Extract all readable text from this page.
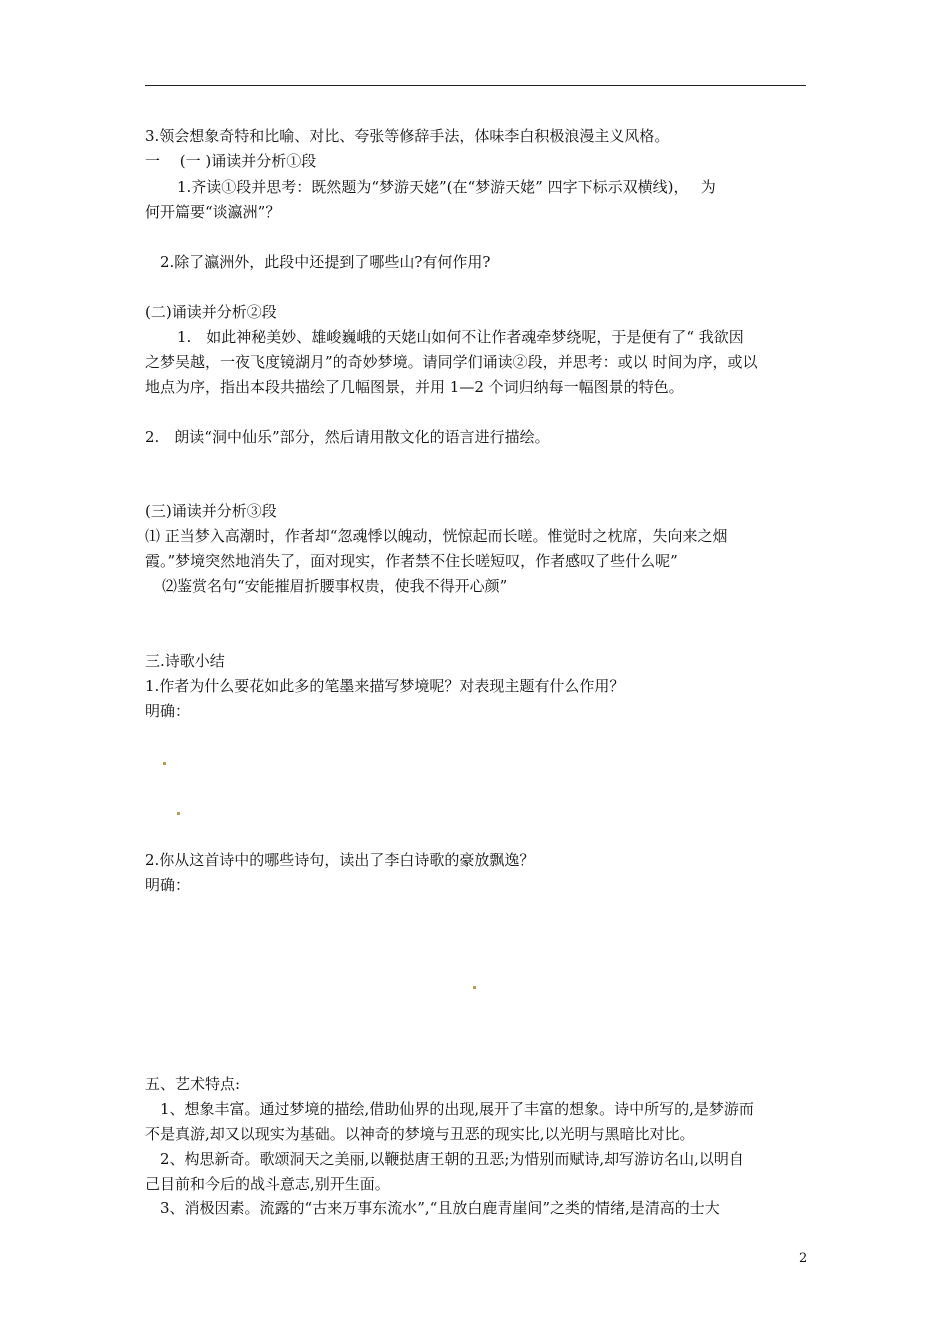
3.领会想象奇特和比喻、对比、夸张等修辞手法，体味李白积极浪漫主义风格。
一　 (一 )诵读并分析①段
1.齐读①段并思考：既然题为“梦游天姥”(在“梦游天姥” 四字下标示双横线)，　 为
何开篇要“谈瀛洲”？
2.除了瀛洲外，此段中还提到了哪些山?有何作用?
(二)诵读并分析②段
1.　如此神秘美妙、雄峻巍峨的天姥山如何不让作者魂牵梦绕呢，于是便有了“ 我欲因
之梦吴越，一夜飞度镜湖月”的奇妙梦境。请同学们诵读②段，并思考：或以 时间为序，或以
地点为序，指出本段共描绘了几幅图景，并用 1—2 个词归纳每一幅图景的特色。
2.　朗读“洞中仙乐”部分，然后请用散文化的语言进行描绘。
(三)诵读并分析③段
⑴ 正当梦入高潮时，作者却“忽魂悸以魄动，恍惊起而长嗟。惟觉时之枕席，失向来之烟
霞。”梦境突然地消失了，面对现实，作者禁不住长嗟短叹，作者感叹了些什么呢”
⑵鉴赏名句“安能摧眉折腰事权贵，使我不得开心颜”
三.诗歌小结
1.作者为什么要花如此多的笔墨来描写梦境呢？对表现主题有什么作用？
明确：
2.你从这首诗中的哪些诗句，读出了李白诗歌的豪放飘逸？
明确：
五、艺术特点:
1、想象丰富。通过梦境的描绘,借助仙界的出现,展开了丰富的想象。诗中所写的,是梦游而
不是真游,却又以现实为基础。以神奇的梦境与丑恶的现实比,以光明与黑暗比对比。
2、构思新奇。歌颂洞天之美丽,以鞭挞唐王朝的丑恶;为惜别而赋诗,却写游访名山,以明自
己目前和今后的战斗意志,别开生面。
3、消极因素。流露的“古来万事东流水”,“且放白鹿青崖间”之类的情绪,是清高的士大
2
